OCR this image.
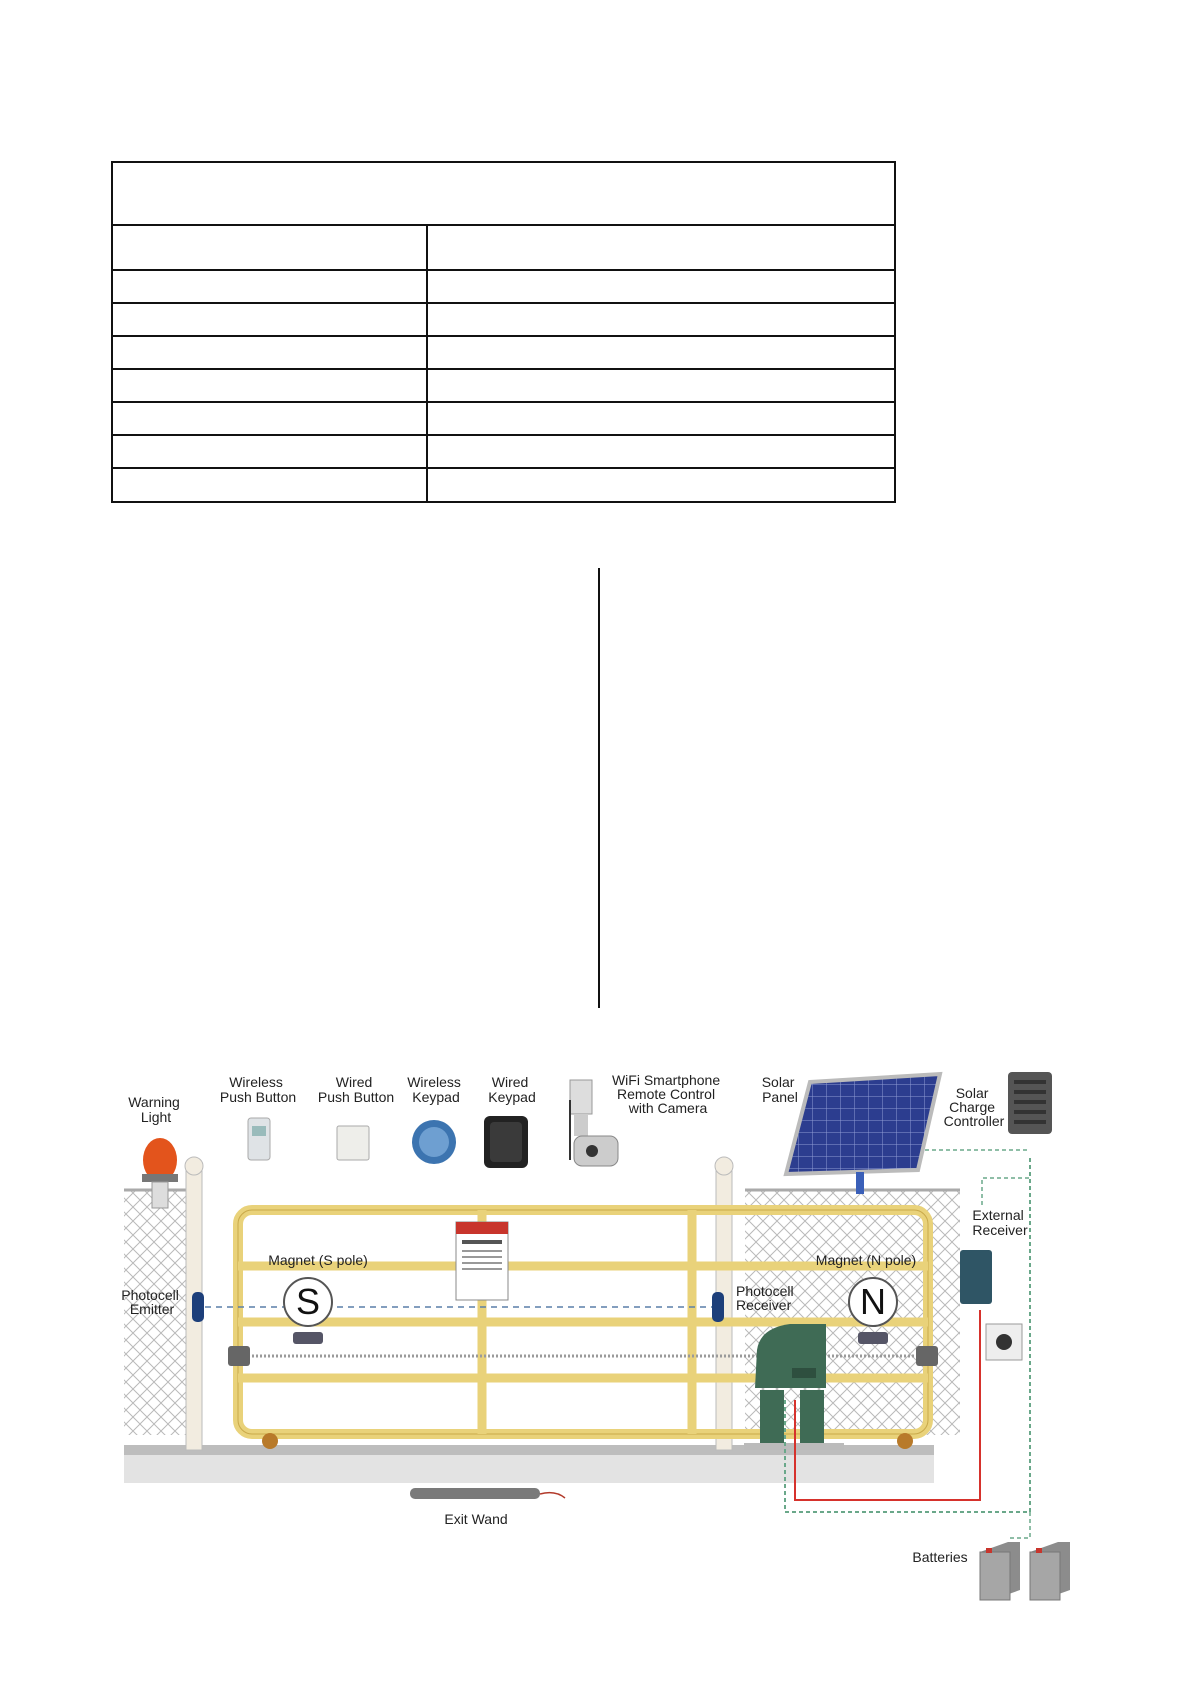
S	N
Warning Light
Wireless Push Button
Wired Push Button
Wireless Keypad
Wired Keypad
WiFi Smartphone Remote Control with Camera
Solar Panel	Solar Charge Controller
External Receiver
Magnet (S pole)	Magnet (N pole)
Photocell Emitter
Photocell Receiver
Exit Wand
Batteries
